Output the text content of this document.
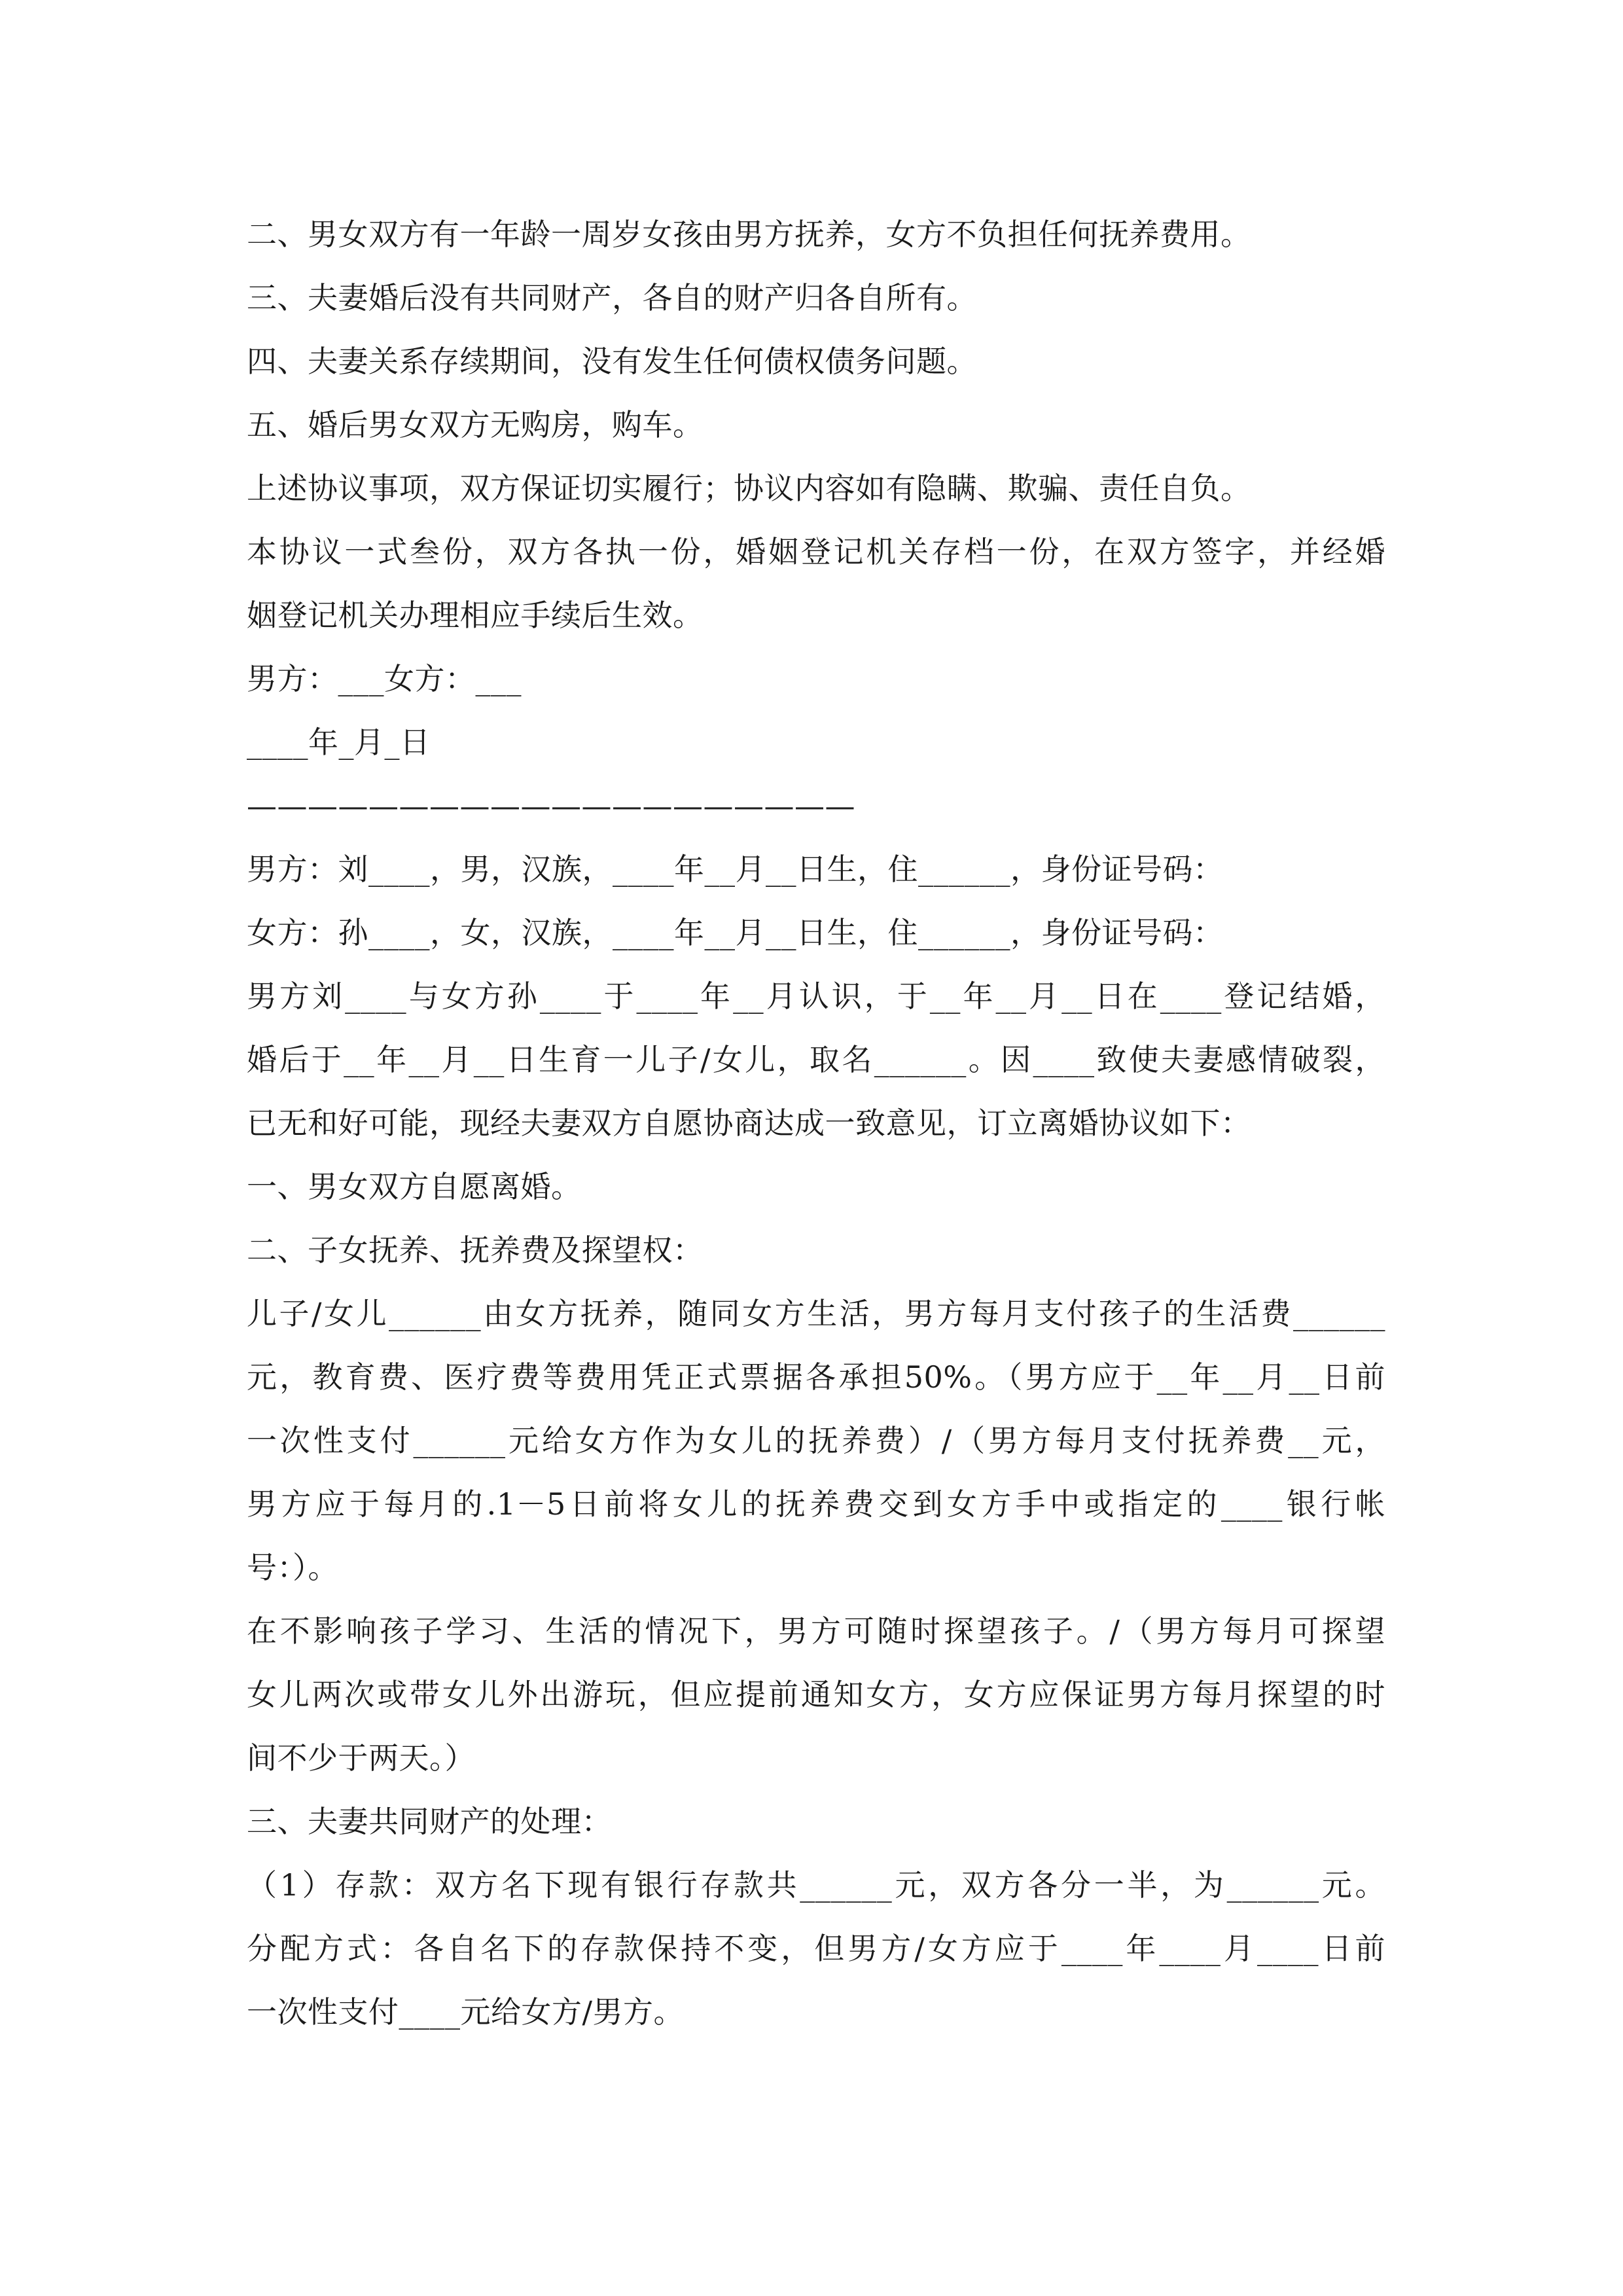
二、男女双方有一年龄一周岁女孩由男方抚养，女方不负担任何抚养费用。
三、夫妻婚后没有共同财产，各自的财产归各自所有。
四、夫妻关系存续期间，没有发生任何债权债务问题。
五、婚后男女双方无购房，购车。
上述协议事项，双方保证切实履行；协议内容如有隐瞒、欺骗、责任自负。
本协议一式叁份，双方各执一份，婚姻登记机关存档一份，在双方签字，并经婚
姻登记机关办理相应手续后生效。
男方：___女方：___
____年_月_日
————————————————————
男方：刘____，男，汉族，____年__月__日生，住______，身份证号码：
女方：孙____，女，汉族，____年__月__日生，住______，身份证号码：
男方刘____与女方孙____于____年__月认识，于__年__月__日在____登记结婚，
婚后于__年__月__日生育一儿子/女儿，取名______。因____致使夫妻感情破裂，
已无和好可能，现经夫妻双方自愿协商达成一致意见，订立离婚协议如下：
一、男女双方自愿离婚。
二、子女抚养、抚养费及探望权：
儿子/女儿______由女方抚养，随同女方生活，男方每月支付孩子的生活费______
元，教育费、医疗费等费用凭正式票据各承担50%。（男方应于__年__月__日前
一次性支付______元给女方作为女儿的抚养费）/（男方每月支付抚养费__元，
男方应于每月的.1－5日前将女儿的抚养费交到女方手中或指定的____银行帐
号：）。
在不影响孩子学习、生活的情况下，男方可随时探望孩子。/（男方每月可探望
女儿两次或带女儿外出游玩，但应提前通知女方，女方应保证男方每月探望的时
间不少于两天。）
三、夫妻共同财产的处理：
（1）存款：双方名下现有银行存款共______元，双方各分一半，为______元。
分配方式：各自名下的存款保持不变，但男方/女方应于____年____月____日前
一次性支付____元给女方/男方。
